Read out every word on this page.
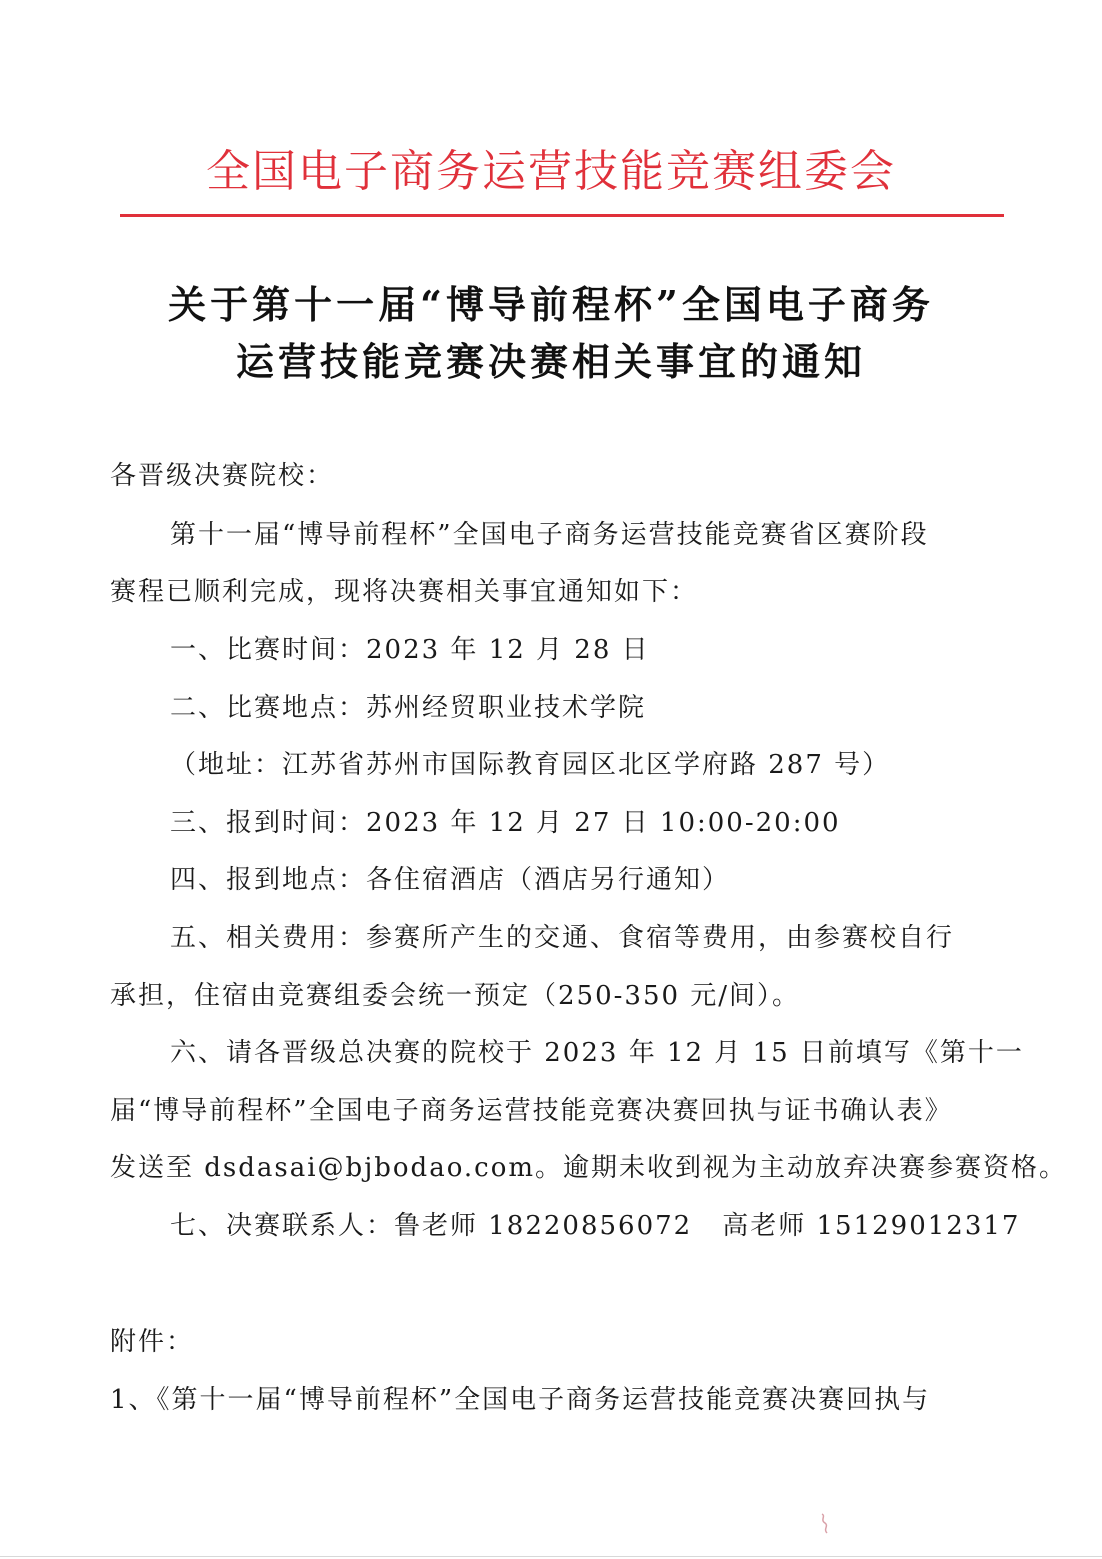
全国电子商务运营技能竞赛组委会
关于第十一届“博导前程杯”全国电子商务
运营技能竞赛决赛相关事宜的通知
各晋级决赛院校：
第十一届“博导前程杯”全国电子商务运营技能竞赛省区赛阶段
赛程已顺利完成，现将决赛相关事宜通知如下：
一、比赛时间：2023 年 12 月 28 日
二、比赛地点：苏州经贸职业技术学院
（地址：江苏省苏州市国际教育园区北区学府路 287 号）
三、报到时间：2023 年 12 月 27 日 10:00-20:00
四、报到地点：各住宿酒店（酒店另行通知）
五、相关费用：参赛所产生的交通、食宿等费用，由参赛校自行
承担，住宿由竞赛组委会统一预定（250-350 元/间）。
六、请各晋级总决赛的院校于 2023 年 12 月 15 日前填写《第十一
届“博导前程杯”全国电子商务运营技能竞赛决赛回执与证书确认表》
发送至 dsdasai@bjbodao.com。逾期未收到视为主动放弃决赛参赛资格。
七、决赛联系人：鲁老师 18220856072 高老师 15129012317
附件：
1、《第十一届“博导前程杯”全国电子商务运营技能竞赛决赛回执与
